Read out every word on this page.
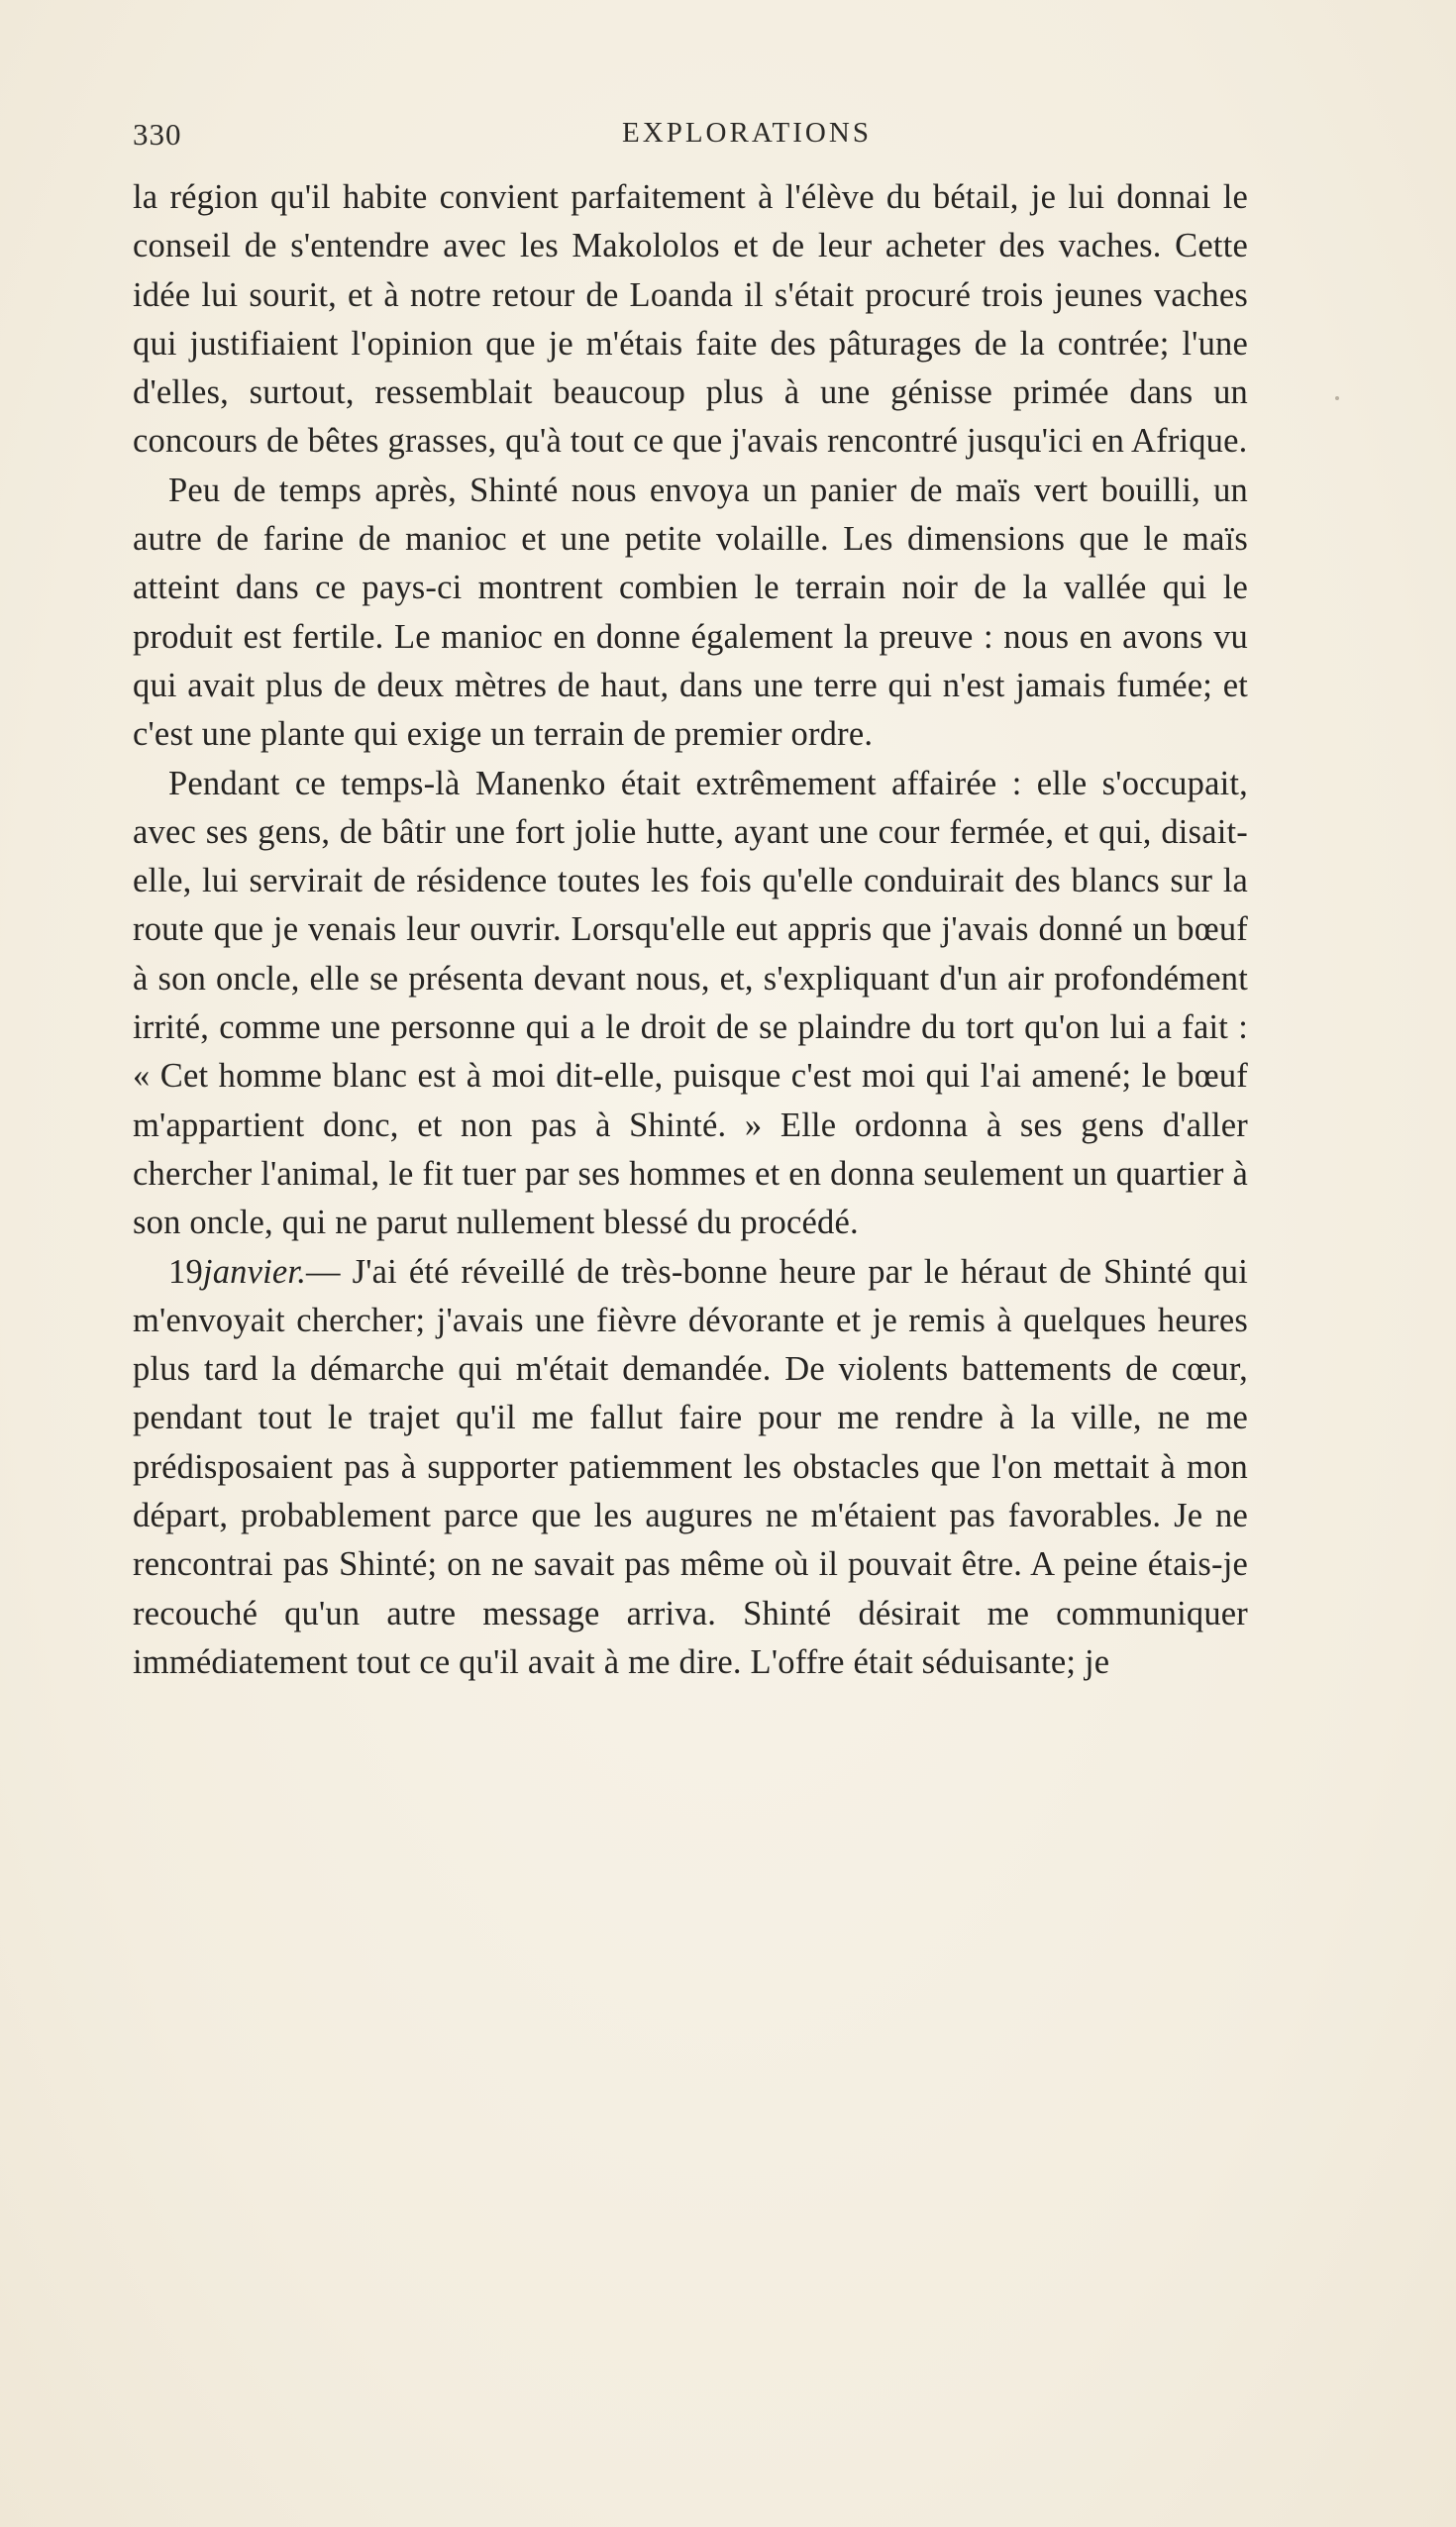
330	EXPLORATIONS

la région qu'il habite convient parfaitement à l'élève du bétail, je lui donnai le conseil de s'entendre avec les Makololos et de leur acheter des vaches. Cette idée lui sourit, et à notre retour de Loanda il s'était procuré trois jeunes vaches qui justifiaient l'opinion que je m'étais faite des pâturages de la contrée; l'une d'elles, surtout, ressemblait beaucoup plus à une génisse primée dans un concours de bêtes grasses, qu'à tout ce que j'avais rencontré jusqu'ici en Afrique.

Peu de temps après, Shinté nous envoya un panier de maïs vert bouilli, un autre de farine de manioc et une petite volaille. Les dimensions que le maïs atteint dans ce pays-ci montrent combien le terrain noir de la vallée qui le produit est fertile. Le manioc en donne également la preuve : nous en avons vu qui avait plus de deux mètres de haut, dans une terre qui n'est jamais fumée; et c'est une plante qui exige un terrain de premier ordre.

Pendant ce temps-là Manenko était extrêmement affairée : elle s'occupait, avec ses gens, de bâtir une fort jolie hutte, ayant une cour fermée, et qui, disait-elle, lui servirait de résidence toutes les fois qu'elle conduirait des blancs sur la route que je venais leur ouvrir. Lorsqu'elle eut appris que j'avais donné un bœuf à son oncle, elle se présenta devant nous, et, s'expliquant d'un air profondément irrité, comme une personne qui a le droit de se plaindre du tort qu'on lui a fait : « Cet homme blanc est à moi dit-elle, puisque c'est moi qui l'ai amené; le bœuf m'appartient donc, et non pas à Shinté. » Elle ordonna à ses gens d'aller chercher l'animal, le fit tuer par ses hommes et en donna seulement un quartier à son oncle, qui ne parut nullement blessé du procédé.

19janvier.— J'ai été réveillé de très-bonne heure par le héraut de Shinté qui m'envoyait chercher; j'avais une fièvre dévorante et je remis à quelques heures plus tard la démarche qui m'était demandée. De violents battements de cœur, pendant tout le trajet qu'il me fallut faire pour me rendre à la ville, ne me prédisposaient pas à supporter patiemment les obstacles que l'on mettait à mon départ, probablement parce que les augures ne m'étaient pas favorables. Je ne rencontrai pas Shinté; on ne savait pas même où il pouvait être. A peine étais-je recouché qu'un autre message arriva. Shinté désirait me communiquer immédiatement tout ce qu'il avait à me dire. L'offre était séduisante; je
